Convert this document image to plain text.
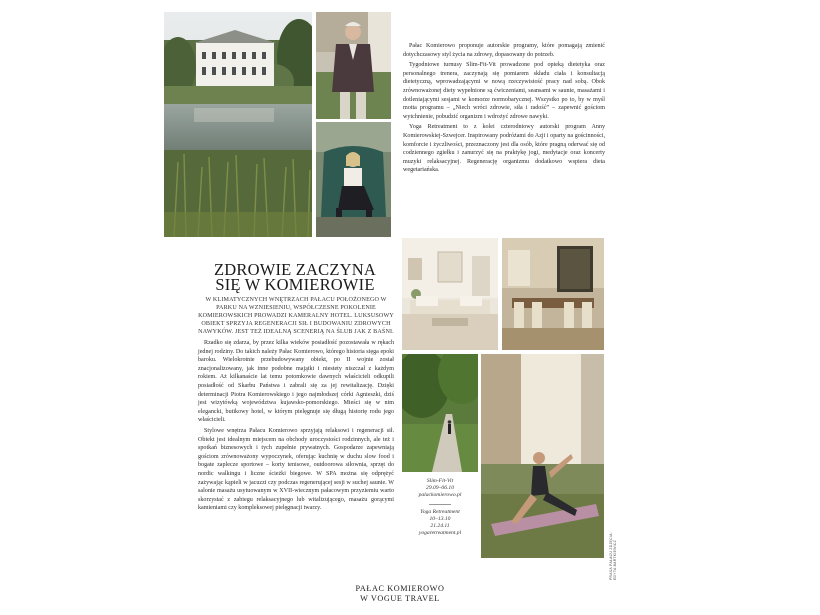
Pałac Komierowo proponuje autorskie programy, które pomagają zmienić dotychczasowy styl życia na zdrowy, dopasowany do potrzeb.

Tygodniowe turnusy Slim-Fit-Vit prowadzone pod opieką dietetyka oraz personalnego trenera, zaczynają się pomiarem składu ciała i konsultacją dietetyczną, wprowadzającymi w nową rzeczywistość pracy nad sobą. Obok zrównoważonej diety wypełnione są ćwiczeniami, seansami w saunie, masażami i dotleniającymi sesjami w komorze normobarycznej. Wszystko po to, by w myśl motta programu – „Niech wróci zdrowie, siła i radość” – zapewnić gościom wytchnienie, pobudzić organizm i wdrożyć zdrowe nawyki.

Yoga Retreatment to z kolei czterodniowy autorski program Anny Komierowskiej-Szwejcer. Inspirowany podróżami do Azji i oparty na gościnności, komforcie i życzliwości, przeznaczony jest dla osób, które pragną oderwać się od codziennego zgiełku i zanurzyć się na praktykę jogi, medytacje oraz koncerty muzyki relaksacyjnej. Regenerację organizmu dodatkowo wspiera dieta wegetariańska.

ZDROWIE ZACZYNA
SIĘ W KOMIEROWIE
W KLIMATYCZNYCH WNĘTRZACH PAŁACU POŁOŻONEGO W PARKU NA WZNIESIENIU, WSPÓŁCZESNE POKOLENIE KOMIEROWSKICH PROWADZI KAMERALNY HOTEL. LUKSUSOWY OBIEKT SPRZYJA REGENERACJI SIŁ I BUDOWANIU ZDROWYCH NAWYKÓW. JEST TEŻ IDEALNĄ SCENERIĄ NA ŚLUB JAK Z BAŚNI.

Rzadko się zdarza, by przez kilka wieków posiadłość pozostawała w rękach jednej rodziny. Do takich należy Pałac Komierowo, którego historia sięga epoki baroku. Wielokrotnie przebudowywany obiekt, po II wojnie został znacjonalizowany, jak inne podobne majątki i niestety niszczał z każdym rokiem. Aż kilkanaście lat temu potomkowie dawnych właścicieli odkupili posiadłość od Skarbu Państwa i zabrali się za jej rewitalizację. Dzięki determinacji Piotra Komierowskiego i jego najmłodszej córki Agnieszki, dziś jest wizytówką województwa kujawsko-pomorskiego. Mieści się w nim elegancki, butikowy hotel, w którym pielęgnuje się długą historię rodu jego właścicieli.

Stylowe wnętrza Pałacu Komierowo sprzyjają relaksowi i regeneracji sił. Obiekt jest idealnym miejscem na obchody uroczystości rodzinnych, ale też i spotkań biznesowych i tych zupełnie prywatnych. Gospodarze zapewniają gościom zrównoważony wypoczynek, oferując kuchnię w duchu slow food i bogate zaplecze sportowe – korty tenisowe, outdoorowa siłownia, sprzęt do nordic walkingu i liczne ścieżki biegowe. W SPA można się odprężyć zażywając kąpieli w jacuzzi czy podczas regenerującej sesji w suchej saunie. W salonie masażu usytuowanym w XVII-wiecznym pałacowym przyziemiu warto skorzystać z zabiegu relaksacyjnego lub witalizującego, masażu gorącymi kamieniami czy kompleksowej pielęgnacji twarzy.

Slim-Fit-Vit
29.09–06.10
palackomierowo.pl
Yoga Retreatment
10–13.10
21.24.11
yogaretreatment.pl	PRASA PAŁACU ZDJĘCIA: EDYTA BARTKIEWICZ
PAŁAC KOMIEROWO
W VOGUE TRAVEL
